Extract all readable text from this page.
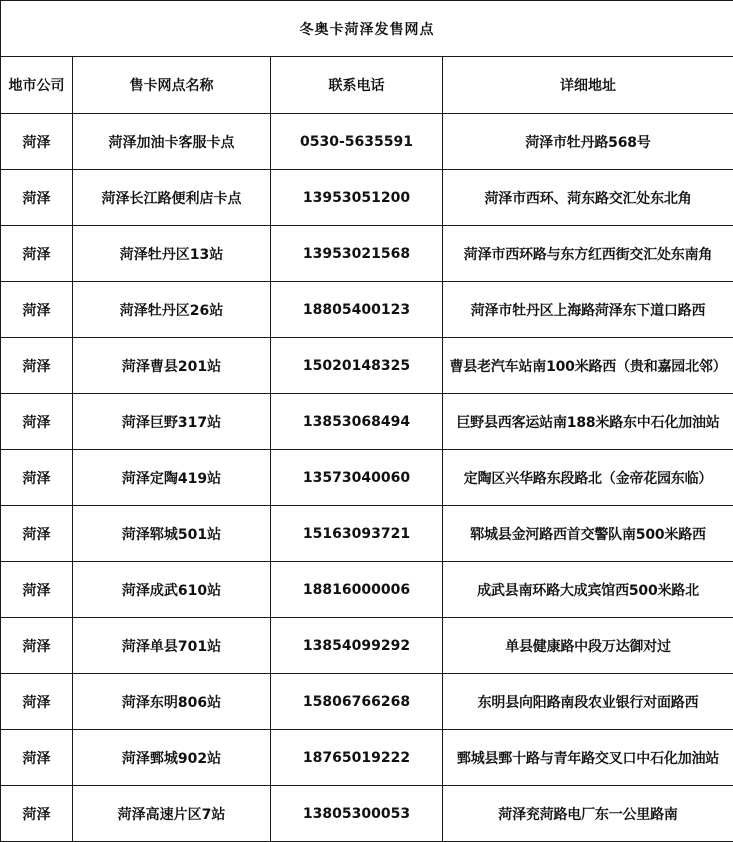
冬奥卡菏泽发售网点			
地市公司	售卡网点名称	联系电话	详细地址
菏泽	菏泽加油卡客服卡点	0530-5635591	菏泽市牡丹路568号
菏泽	菏泽长江路便利店卡点	13953051200	菏泽市西环、菏东路交汇处东北角
菏泽	菏泽牡丹区13站	13953021568	菏泽市西环路与东方红西街交汇处东南角
菏泽	菏泽牡丹区26站	18805400123	菏泽市牡丹区上海路菏泽东下道口路西
菏泽	菏泽曹县201站	15020148325	曹县老汽车站南100米路西（贵和嘉园北邻）
菏泽	菏泽巨野317站	13853068494	巨野县西客运站南188米路东中石化加油站
菏泽	菏泽定陶419站	13573040060	定陶区兴华路东段路北（金帝花园东临）
菏泽	菏泽郓城501站	15163093721	郓城县金河路西首交警队南500米路西
菏泽	菏泽成武610站	18816000006	成武县南环路大成宾馆西500米路北
菏泽	菏泽单县701站	13854099292	单县健康路中段万达御对过
菏泽	菏泽东明806站	15806766268	东明县向阳路南段农业银行对面路西
菏泽	菏泽鄄城902站	18765019222	鄄城县鄄十路与青年路交叉口中石化加油站
菏泽	菏泽高速片区7站	13805300053	菏泽兖菏路电厂东一公里路南
